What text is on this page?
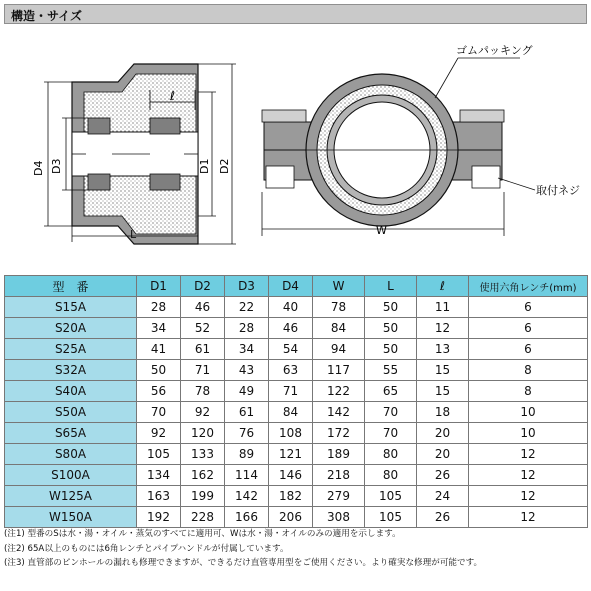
構造・サイズ
D4 D3	D1 D2
L
ℓ
ゴムパッキング
取付ネジ
W
型　番	D1	D2	D3	D4	W	L	ℓ	使用六角レンチ(mm)
S15A	28	46	22	40	78	50	11	6
S20A	34	52	28	46	84	50	12	6
S25A	41	61	34	54	94	50	13	6
S32A	50	71	43	63	117	55	15	8
S40A	56	78	49	71	122	65	15	8
S50A	70	92	61	84	142	70	18	10
S65A	92	120	76	108	172	70	20	10
S80A	105	133	89	121	189	80	20	12
S100A	134	162	114	146	218	80	26	12
W125A	163	199	142	182	279	105	24	12
W150A	192	228	166	206	308	105	26	12
(注1) 型番のSは水・湯・オイル・蒸気のすべてに適用可、Wは水・湯・オイルのみの適用を示します。
(注2) 65A以上のものには6角レンチとパイプハンドルが付属しています。
(注3) 直管部のピンホールの漏れも修理できますが、できるだけ直管専用型をご使用ください。より確実な修理が可能です。
